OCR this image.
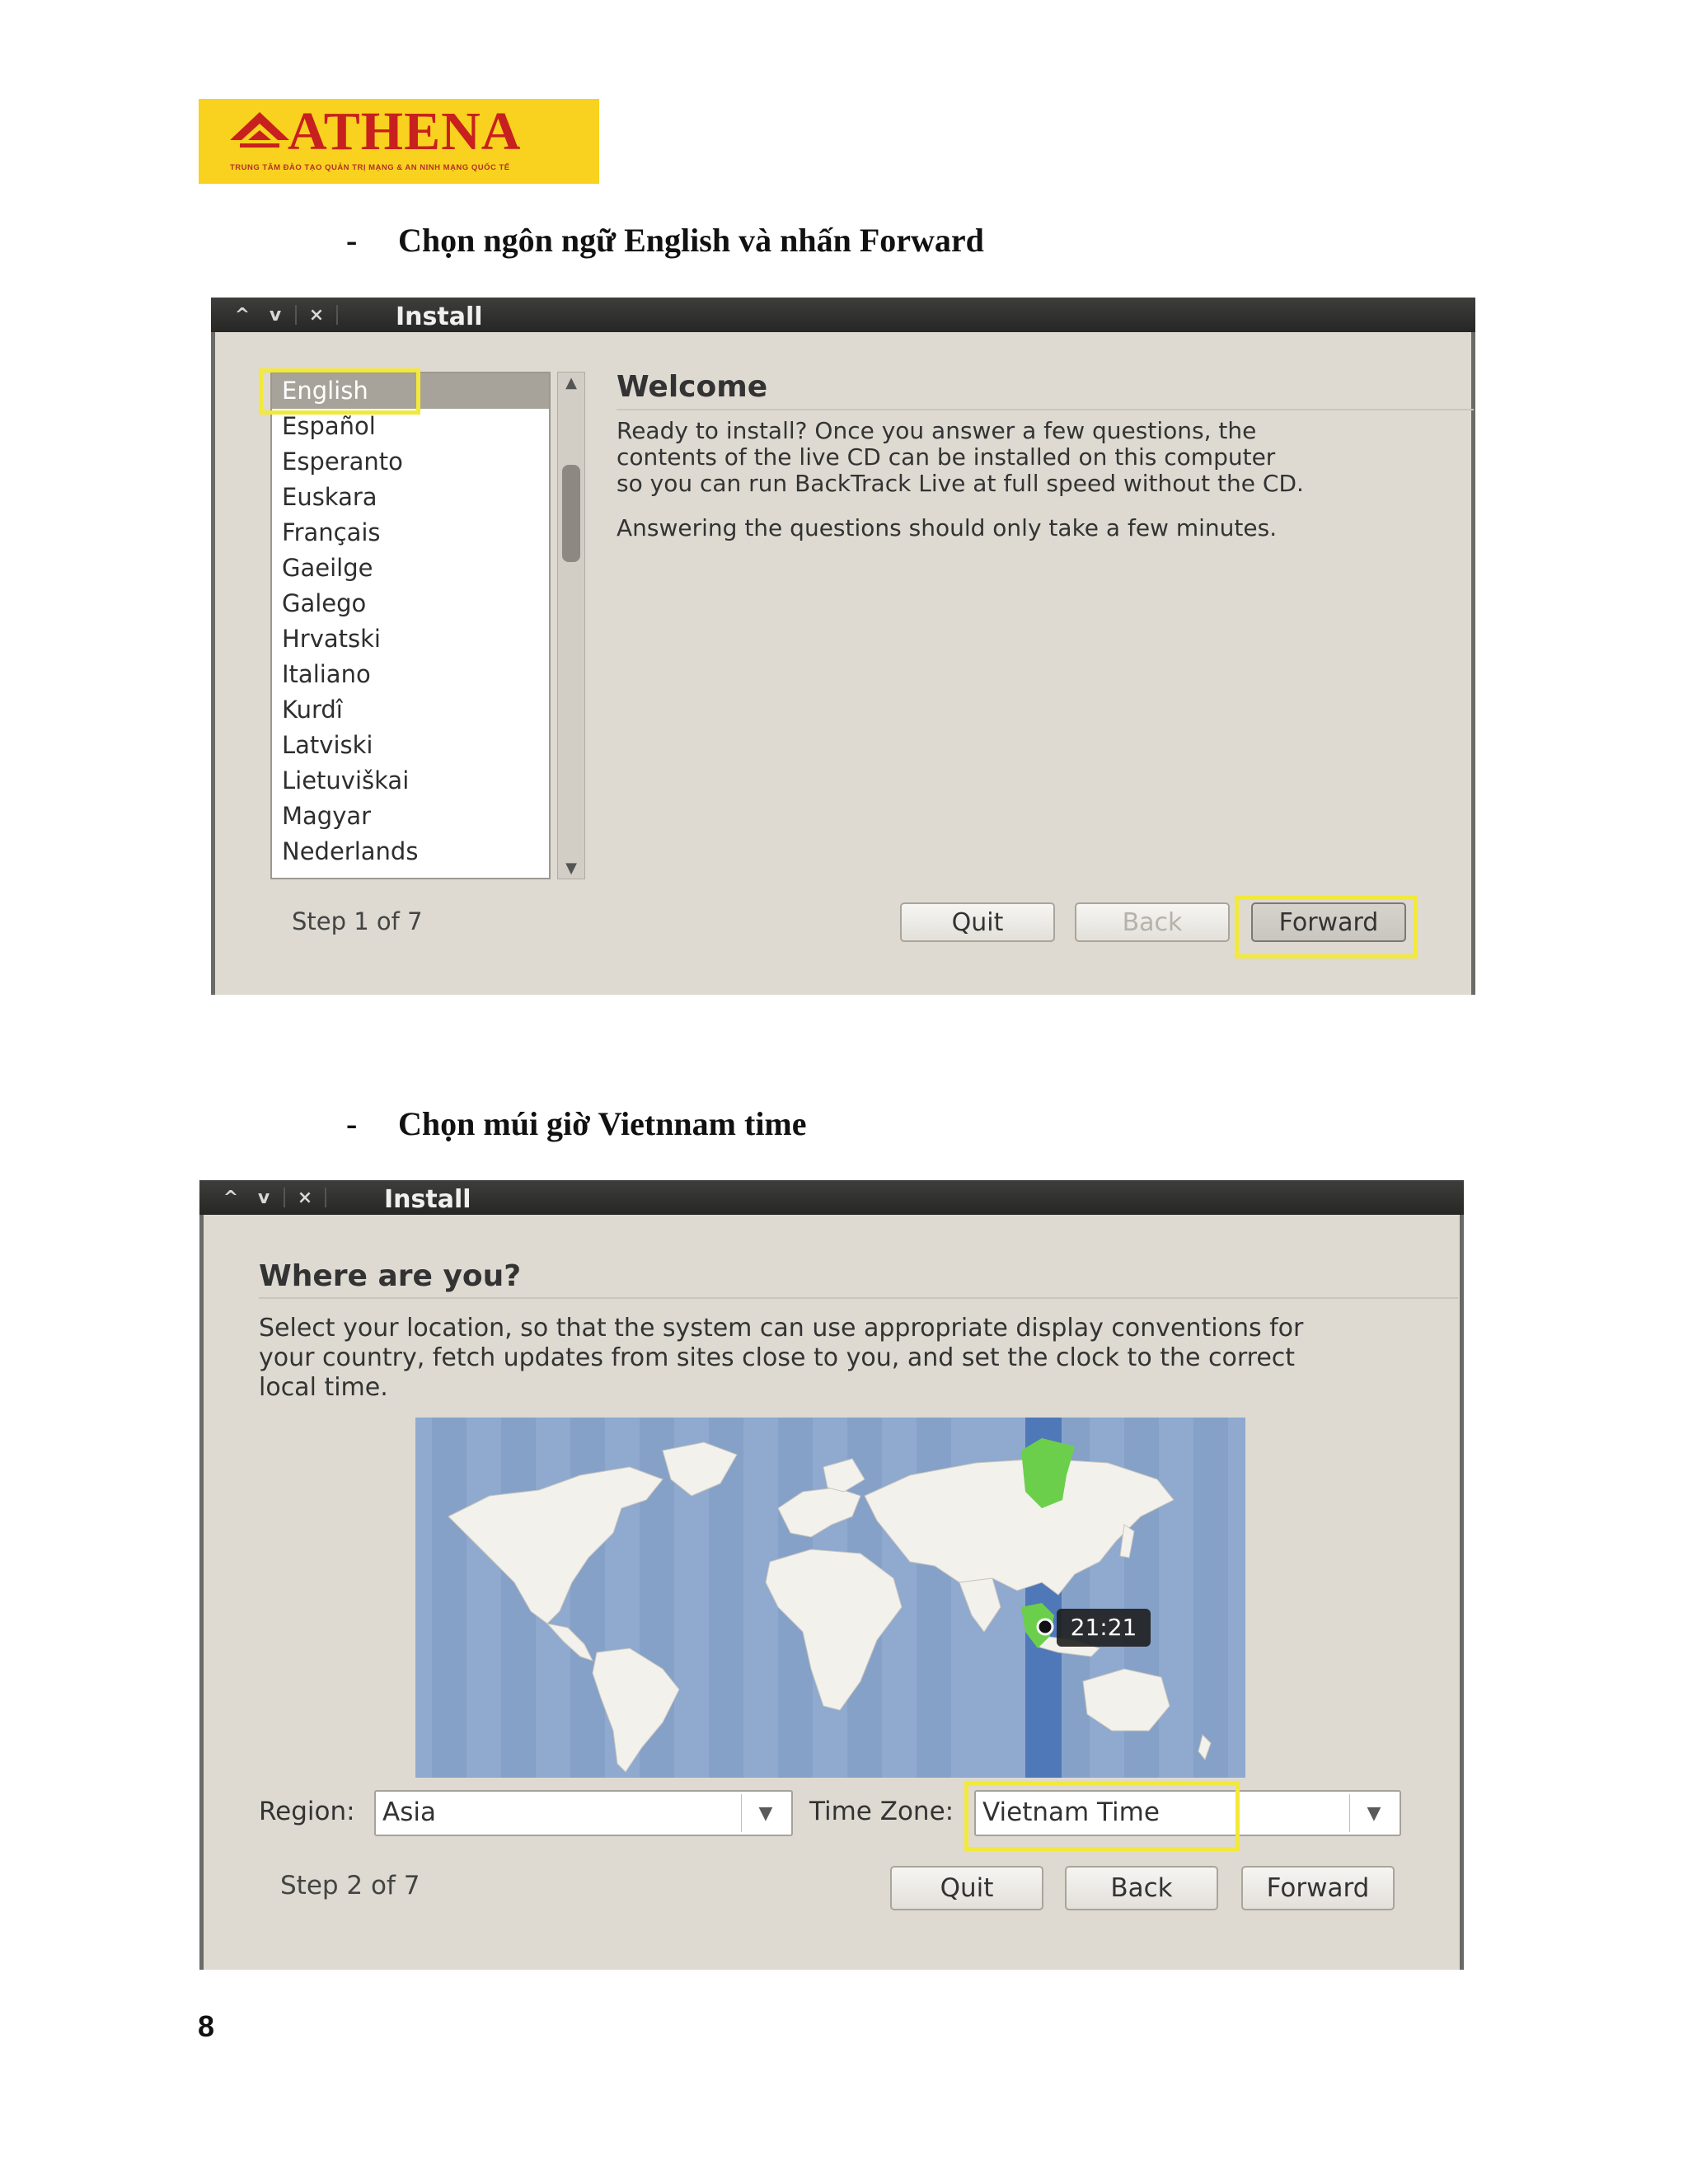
ATHENA
TRUNG TÂM ĐÀO TẠO QUẢN TRỊ MẠNG & AN NINH MẠNG QUỐC TẾ
- Chọn ngôn ngữ English và nhấn Forward
^	v	×	Install
English
Español
Esperanto
Euskara
Français
Gaeilge
Galego
Hrvatski
Italiano
Kurdî
Latviski
Lietuviškai
Magyar
Nederlands
▲
▼
Welcome
Ready to install? Once you answer a few questions, the
contents of the live CD can be installed on this computer
so you can run BackTrack Live at full speed without the CD.
Answering the questions should only take a few minutes.
Step 1 of 7	Quit	Back	Forward
- Chọn múi giờ Vietnnam time
^	v	×	Install
Where are you?
Select your location, so that the system can use appropriate display conventions for
your country, fetch updates from sites close to you, and set the clock to the correct
local time.
21:21
Region: Asia	▼	Time Zone: Vietnam Time	▼
Step 2 of 7	Quit	Back	Forward
8
